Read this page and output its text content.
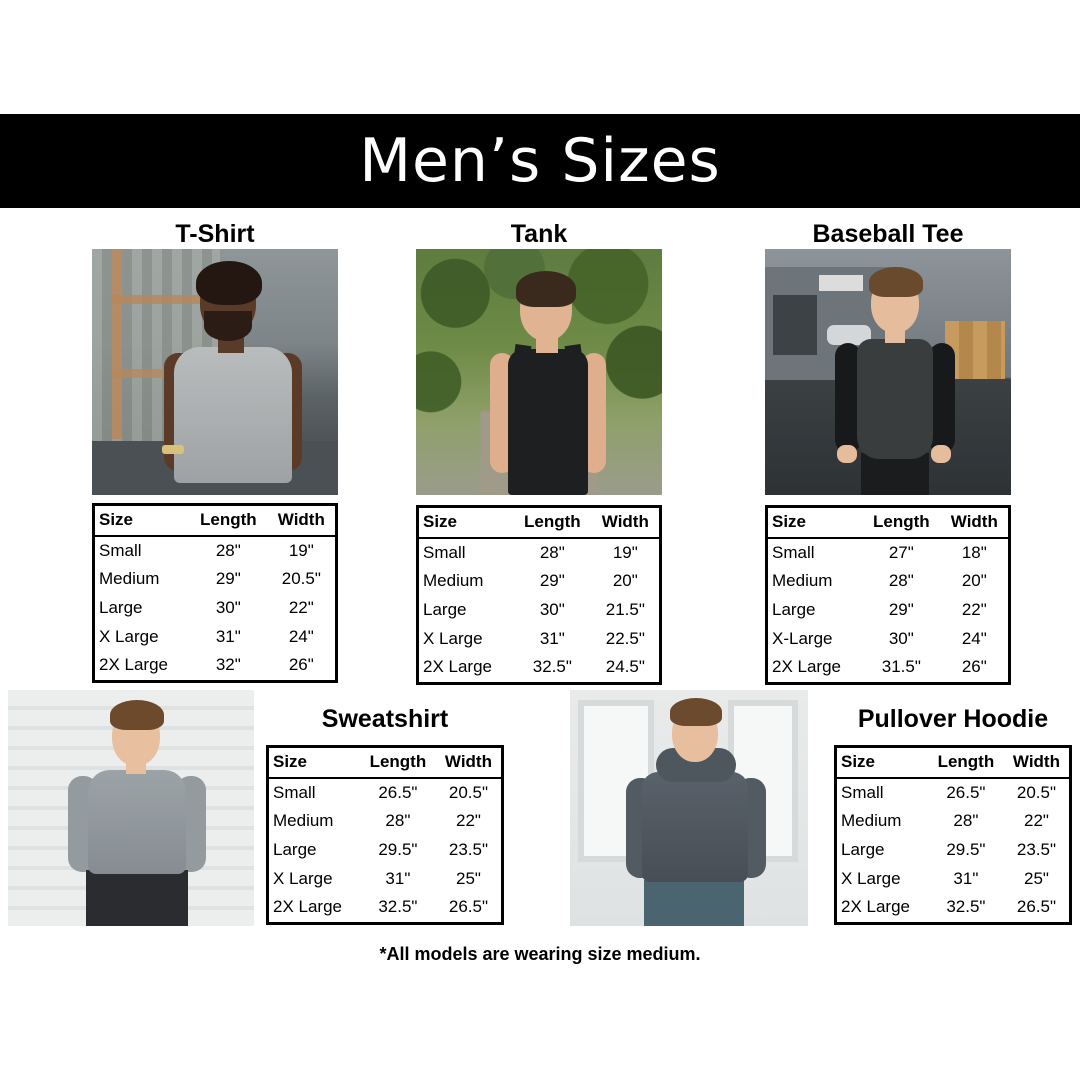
Men’s Sizes
T-Shirt
Size	Length	Width
Small	28"	19"
Medium	29"	20.5"
Large	30"	22"
X Large	31"	24"
2X Large	32"	26"
Tank
Size	Length	Width
Small	28"	19"
Medium	29"	20"
Large	30"	21.5"
X Large	31"	22.5"
2X Large	32.5"	24.5"
Baseball Tee
Size	Length	Width
Small	27"	18"
Medium	28"	20"
Large	29"	22"
X-Large	30"	24"
2X Large	31.5"	26"
Sweatshirt
Size	Length	Width
Small	26.5"	20.5"
Medium	28"	22"
Large	29.5"	23.5"
X Large	31"	25"
2X Large	32.5"	26.5"
Pullover Hoodie
Size	Length	Width
Small	26.5"	20.5"
Medium	28"	22"
Large	29.5"	23.5"
X Large	31"	25"
2X Large	32.5"	26.5"
*All models are wearing size medium.
